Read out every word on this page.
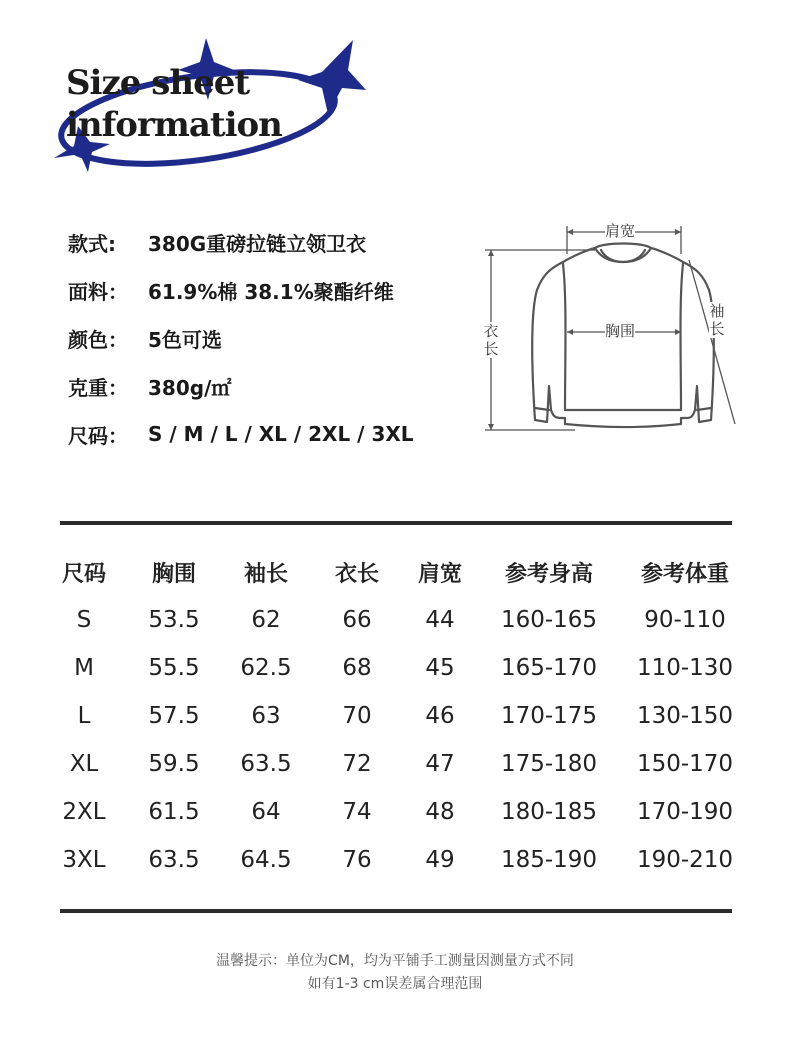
Size sheet
information
款式:	380G重磅拉链立领卫衣
面料：	61.9%棉 38.1%聚酯纤维
颜色：	5色可选
克重：	380g/㎡
尺码：	S / M / L / XL / 2XL / 3XL
肩宽
胸围
衣长
袖长
尺码	胸围	袖长	衣长	肩宽	参考身高	参考体重
S	53.5	62	66	44	160-165	90-110
M	55.5	62.5	68	45	165-170	110-130
L	57.5	63	70	46	170-175	130-150
XL	59.5	63.5	72	47	175-180	150-170
2XL	61.5	64	74	48	180-185	170-190
3XL	63.5	64.5	76	49	185-190	190-210
温馨提示：单位为CM，均为平铺手工测量因测量方式不同
如有1-3 cm误差属合理范围
